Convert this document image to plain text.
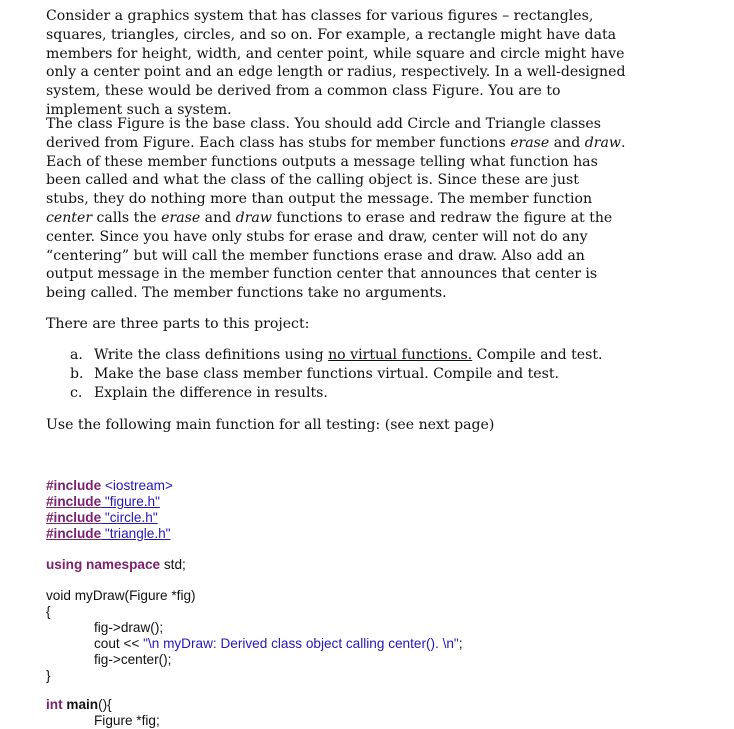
Consider a graphics system that has classes for various figures – rectangles, squares, triangles, circles, and so on. For example, a rectangle might have data members for height, width, and center point, while square and circle might have only a center point and an edge length or radius, respectively. In a well-designed system, these would be derived from a common class Figure. You are to implement such a system.

The class Figure is the base class. You should add Circle and Triangle classes derived from Figure. Each class has stubs for member functions erase and draw. Each of these member functions outputs a message telling what function has been called and what the class of the calling object is. Since these are just stubs, they do nothing more than output the message. The member function center calls the erase and draw functions to erase and redraw the figure at the center. Since you have only stubs for erase and draw, center will not do any “centering” but will call the member functions erase and draw. Also add an output message in the member function center that announces that center is being called. The member functions take no arguments.

There are three parts to this project:

a. Write the class definitions using no virtual functions. Compile and test.
b. Make the base class member functions virtual. Compile and test.
c. Explain the difference in results.

Use the following main function for all testing: (see next page)

#include <iostream>
#include "figure.h"
#include "circle.h"
#include "triangle.h"
using namespace std;
void myDraw(Figure *fig)
{
fig->draw();
cout << "\n myDraw: Derived class object calling center(). \n";
fig->center();
}
int main(){
Figure *fig;
